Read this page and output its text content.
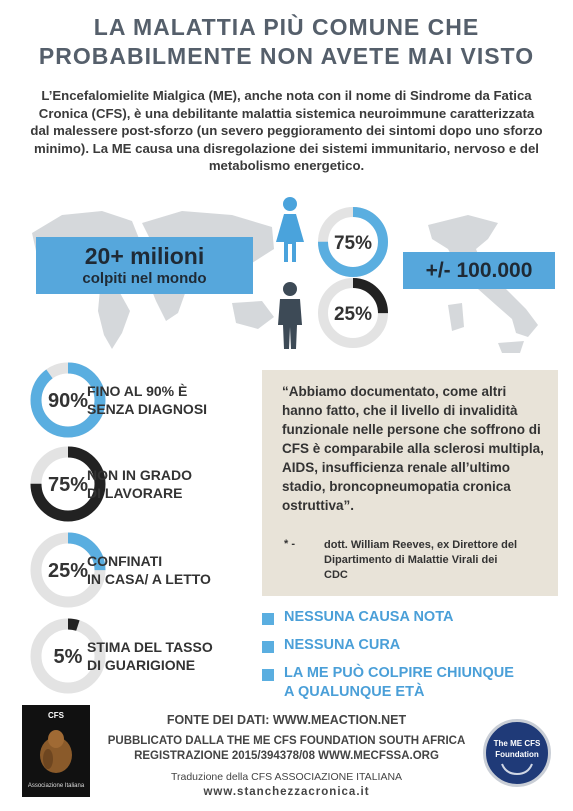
LA MALATTIA PIÙ COMUNE CHE
PROBABILMENTE NON AVETE MAI VISTO
L’Encefalomielite Mialgica (ME), anche nota con il nome di Sindrome da Fatica Cronica (CFS), è una debilitante malattia sistemica neuroimmune caratterizzata dal malessere post-sforzo (un severo peggioramento dei sintomi dopo uno sforzo minimo). La ME causa una disregolazione dei sistemi immunitario, nervoso e del metabolismo energetico.
20+ milioni
colpiti nel mondo
75%
25%
+/- 100.000
90%
FINO AL 90% È
SENZA DIAGNOSI
75%
NON IN GRADO
DI LAVORARE
25%
CONFINATI
IN CASA/ A LETTO
5% STIMA DEL TASSO
DI GUARIGIONE
“Abbiamo documentato, come altri hanno fatto, che il livello di invalidità funzionale nelle persone che soffrono di CFS è comparabile alla sclerosi multipla, AIDS, insufficienza renale all’ultimo stadio, broncopneumopatia cronica ostruttiva”.
* -	dott. William Reeves, ex Direttore del Dipartimento di Malattie Virali dei CDC
NESSUNA CAUSA NOTA
NESSUNA CURA
LA ME PUÒ COLPIRE CHIUNQUE
A QUALUNQUE ETÀ
CFS
Associazione Italiana
FONTE DEI DATI: WWW.MEACTION.NET
PUBBLICATO DALLA THE ME CFS FOUNDATION SOUTH AFRICA
REGISTRAZIONE 2015/394378/08 WWW.MECFSSA.ORG
Traduzione della CFS ASSOCIAZIONE ITALIANA
www.stanchezzacronica.it
The ME CFS
Foundation
